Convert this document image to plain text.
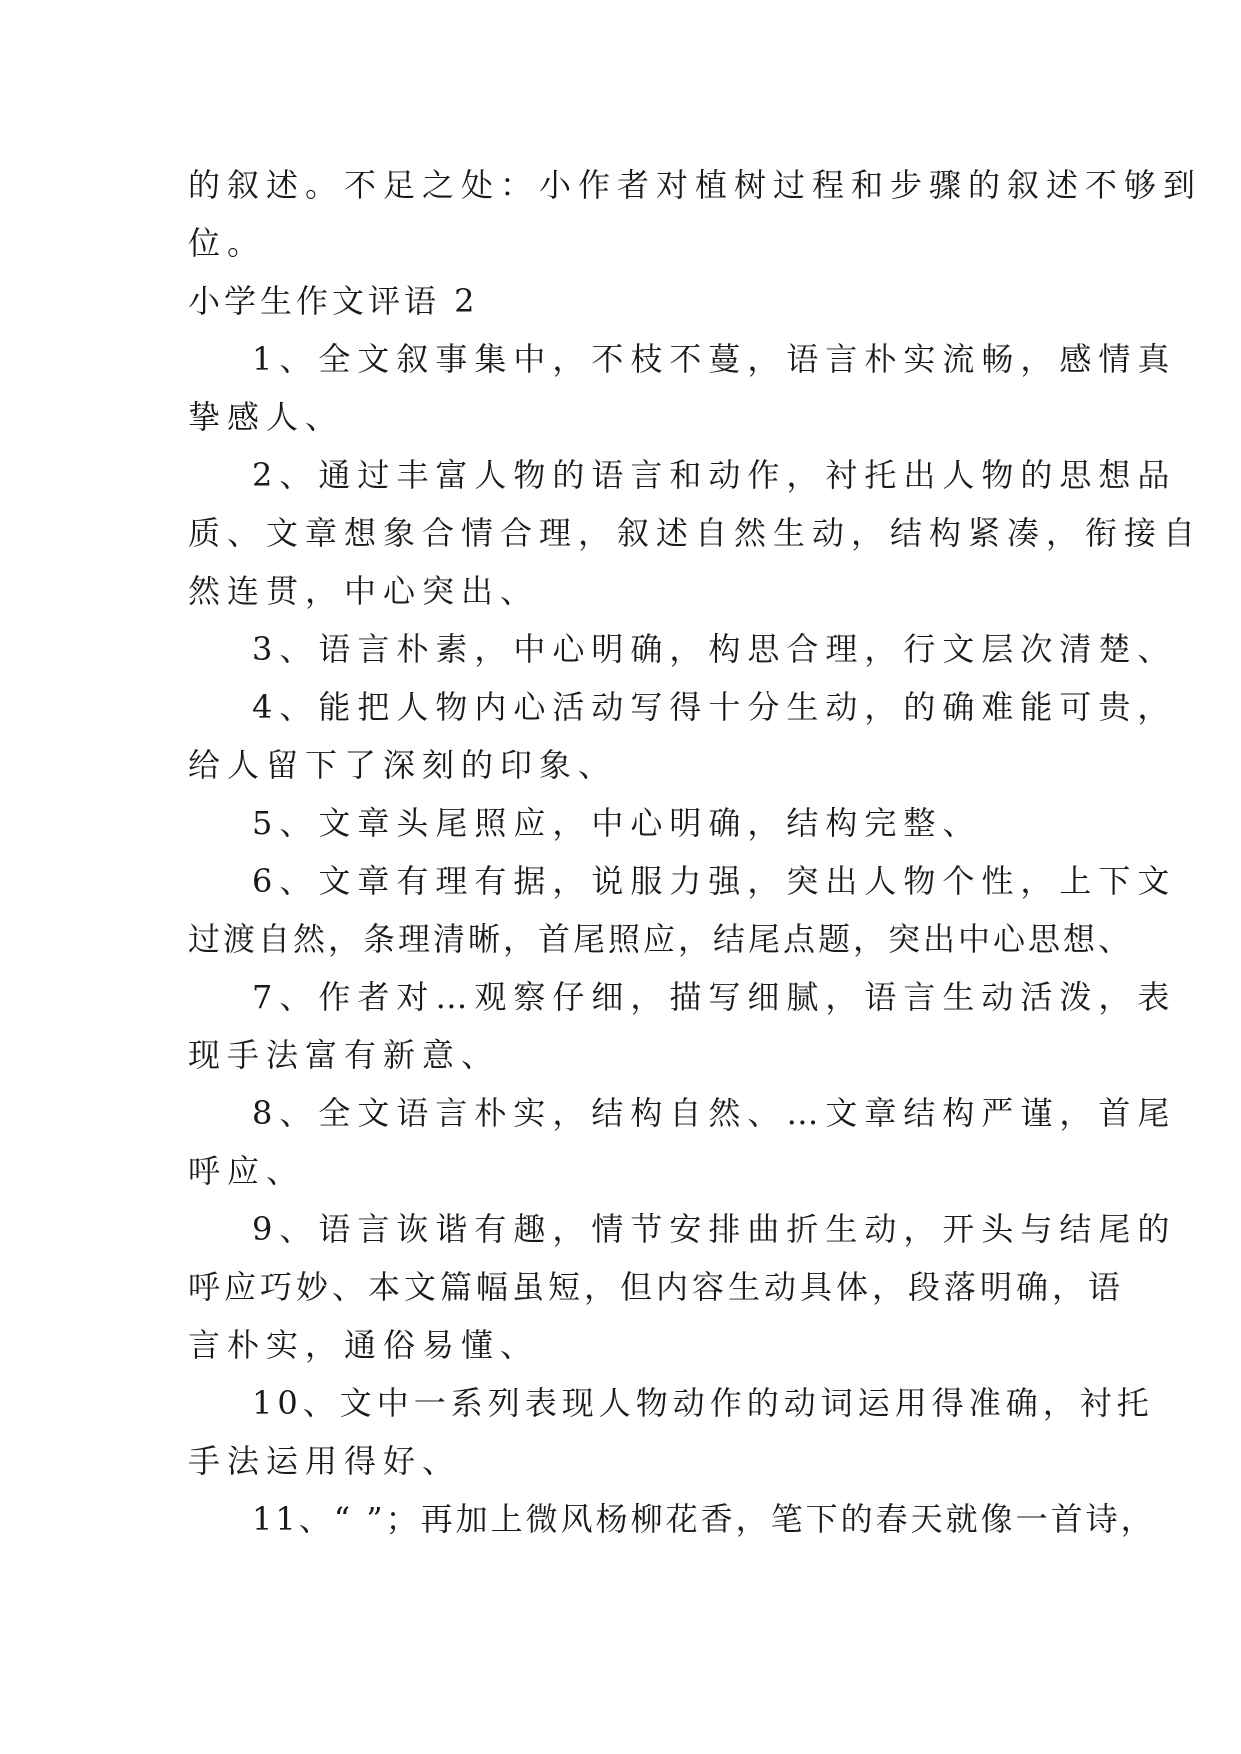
的叙述。不足之处：小作者对植树过程和步骤的叙述不够到
位。
小学生作文评语 2
1、全文叙事集中，不枝不蔓，语言朴实流畅，感情真
挚感人、
2、通过丰富人物的语言和动作，衬托出人物的思想品
质、文章想象合情合理，叙述自然生动，结构紧凑，衔接自
然连贯，中心突出、
3、语言朴素，中心明确，构思合理，行文层次清楚、
4、能把人物内心活动写得十分生动，的确难能可贵，
给人留下了深刻的印象、
5、文章头尾照应，中心明确，结构完整、
6、文章有理有据，说服力强，突出人物个性，上下文
过渡自然，条理清晰，首尾照应，结尾点题，突出中心思想、
7、作者对…观察仔细，描写细腻，语言生动活泼，表
现手法富有新意、
8、全文语言朴实，结构自然、…文章结构严谨，首尾
呼应、
9、语言诙谐有趣，情节安排曲折生动，开头与结尾的
呼应巧妙、本文篇幅虽短，但内容生动具体，段落明确，语
言朴实，通俗易懂、
10、文中一系列表现人物动作的动词运用得准确，衬托
手法运用得好、
11、“ ”；再加上微风杨柳花香，笔下的春天就像一首诗，
